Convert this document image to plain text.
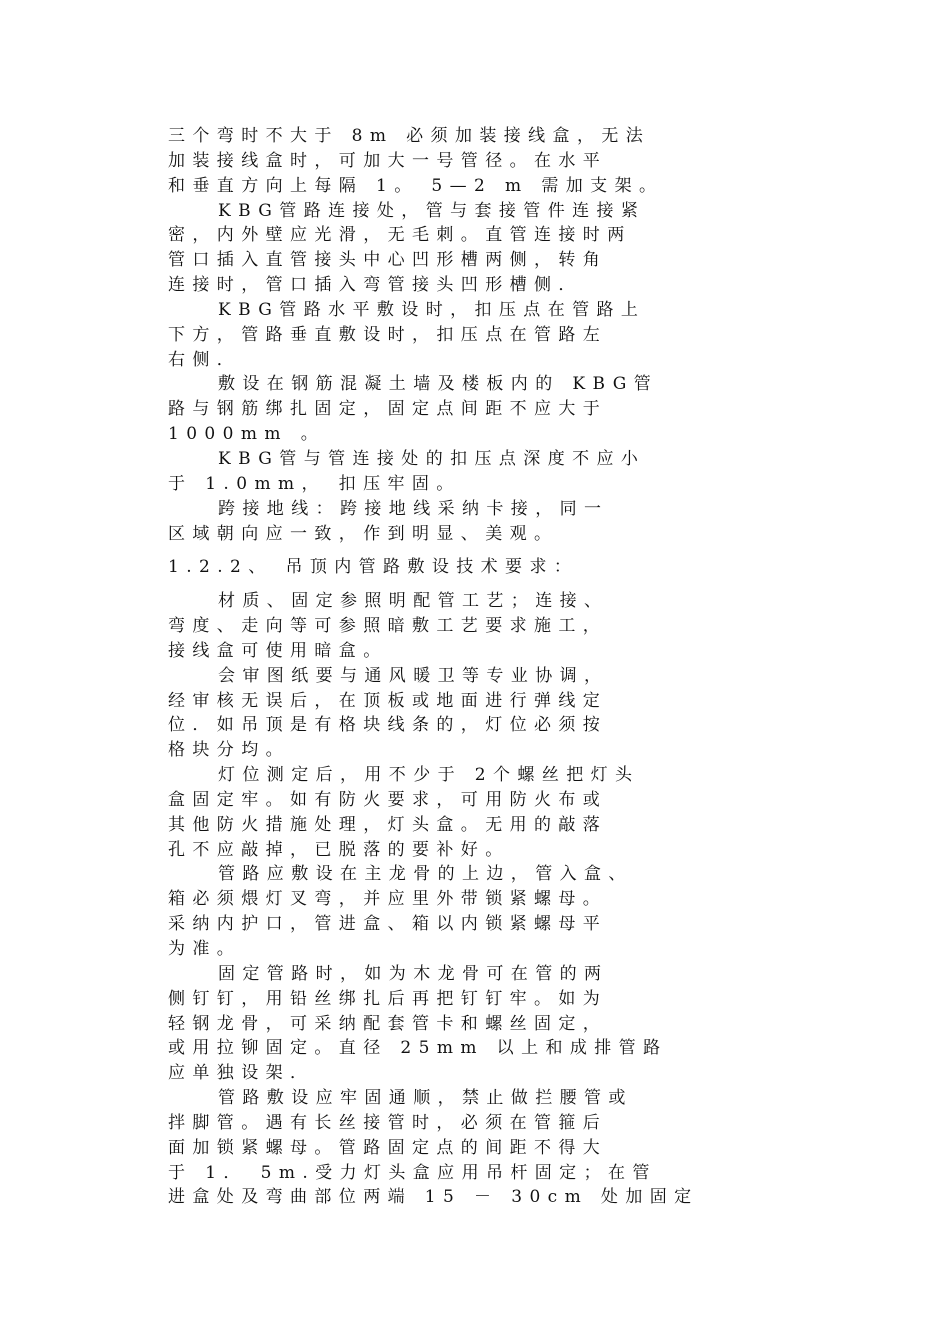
三个弯时不大于 8m 必须加装接线盒，无法
加装接线盒时，可加大一号管径。在水平
和垂直方向上每隔 1。 5—2 m 需加支架。
KBG管路连接处，管与套接管件连接紧
密，内外壁应光滑，无毛刺。直管连接时两
管口插入直管接头中心凹形槽两侧，转角
连接时，管口插入弯管接头凹形槽侧．
KBG管路水平敷设时，扣压点在管路上
下方，管路垂直敷设时，扣压点在管路左
右侧．
敷设在钢筋混凝土墙及楼板内的 KBG管
路与钢筋绑扎固定，固定点间距不应大于
1000mm 。
KBG管与管连接处的扣压点深度不应小
于 1.0mm， 扣压牢固。
跨接地线：跨接地线采纳卡接，同一
区域朝向应一致，作到明显、美观。
1.2.2、 吊顶内管路敷设技术要求：
材质、固定参照明配管工艺；连接、
弯度、走向等可参照暗敷工艺要求施工，
接线盒可使用暗盒。
会审图纸要与通风暖卫等专业协调，
经审核无误后，在顶板或地面进行弹线定
位．如吊顶是有格块线条的，灯位必须按
格块分均。
灯位测定后，用不少于 2个螺丝把灯头
盒固定牢。如有防火要求，可用防火布或
其他防火措施处理，灯头盒。无用的敲落
孔不应敲掉，已脱落的要补好。
管路应敷设在主龙骨的上边，管入盒、
箱必须煨灯叉弯，并应里外带锁紧螺母。
采纳内护口，管进盒、箱以内锁紧螺母平
为准。
固定管路时，如为木龙骨可在管的两
侧钉钉，用铅丝绑扎后再把钉钉牢。如为
轻钢龙骨，可采纳配套管卡和螺丝固定，
或用拉铆固定。直径 25mm 以上和成排管路
应单独设架．
管路敷设应牢固通顺，禁止做拦腰管或
拌脚管。遇有长丝接管时，必须在管箍后
面加锁紧螺母。管路固定点的间距不得大
于 1． 5m.受力灯头盒应用吊杆固定；在管
进盒处及弯曲部位两端 15 － 30cm 处加固定
